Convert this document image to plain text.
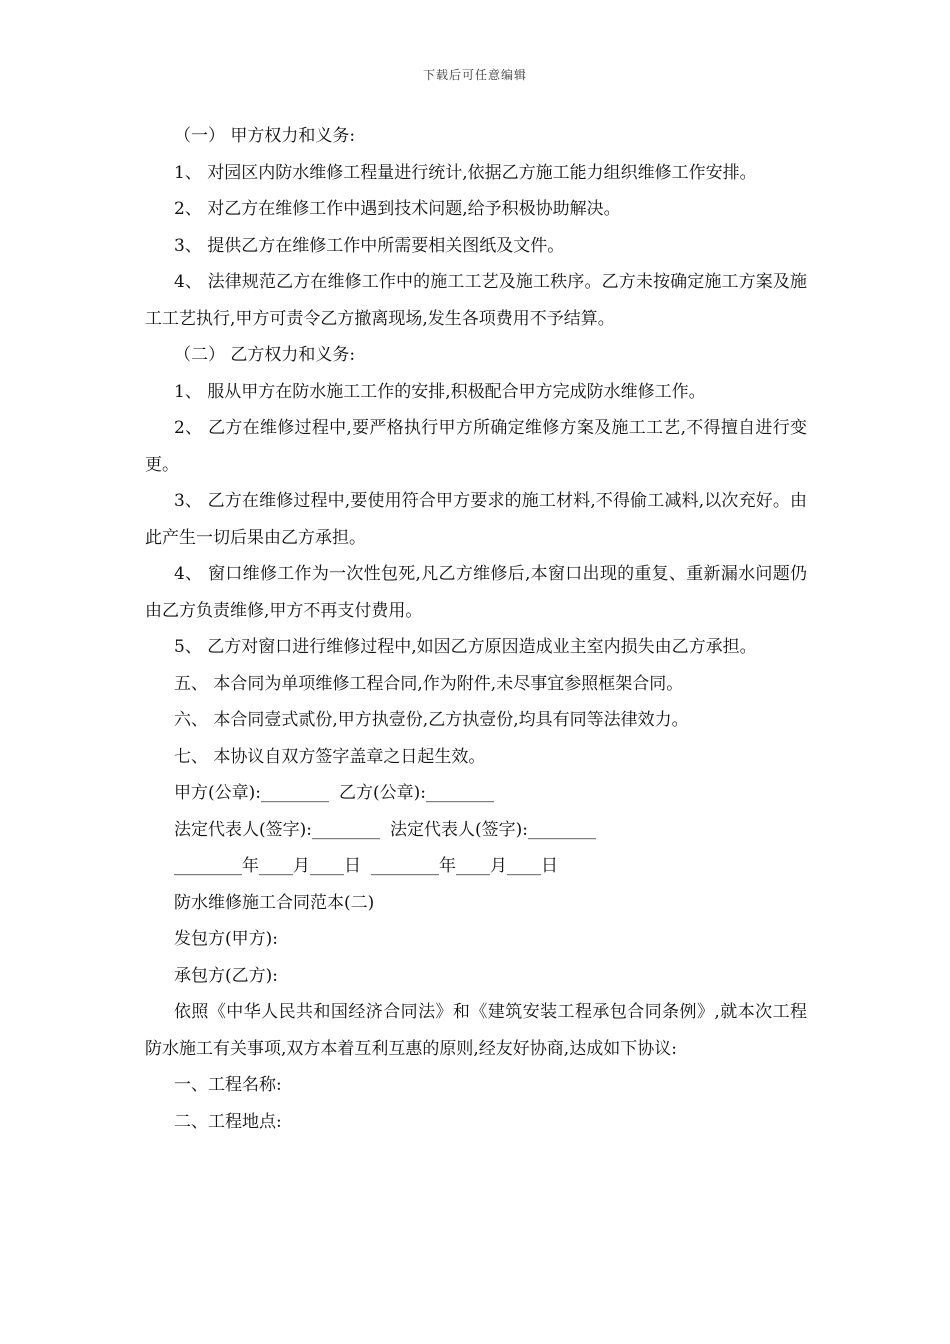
下载后可任意编辑

（一） 甲方权力和义务:

1、 对园区内防水维修工程量进行统计,依据乙方施工能力组织维修工作安排。

2、 对乙方在维修工作中遇到技术问题,给予积极协助解决。

3、 提供乙方在维修工作中所需要相关图纸及文件。

4、 法律规范乙方在维修工作中的施工工艺及施工秩序。乙方未按确定施工方案及施工工艺执行,甲方可责令乙方撤离现场,发生各项费用不予结算。

（二） 乙方权力和义务:

1、 服从甲方在防水施工工作的安排,积极配合甲方完成防水维修工作。

2、 乙方在维修过程中,要严格执行甲方所确定维修方案及施工工艺,不得擅自进行变更。

3、 乙方在维修过程中,要使用符合甲方要求的施工材料,不得偷工减料,以次充好。由此产生一切后果由乙方承担。

4、 窗口维修工作为一次性包死,凡乙方维修后,本窗口出现的重复、重新漏水问题仍由乙方负责维修,甲方不再支付费用。

5、 乙方对窗口进行维修过程中,如因乙方原因造成业主室内损失由乙方承担。

五、 本合同为单项维修工程合同,作为附件,未尽事宜参照框架合同。

六、 本合同壹式贰份,甲方执壹份,乙方执壹份,均具有同等法律效力。

七、 本协议自双方签字盖章之日起生效。

甲方(公章):________ 乙方(公章):________
法定代表人(签字):________ 法定代表人(签字):________
________年____月____日 ________年____月____日

防水维修施工合同范本(二)

发包方(甲方):

承包方(乙方):

依照《中华人民共和国经济合同法》和《建筑安装工程承包合同条例》,就本次工程防水施工有关事项,双方本着互利互惠的原则,经友好协商,达成如下协议:

一、工程名称:

二、工程地点:
